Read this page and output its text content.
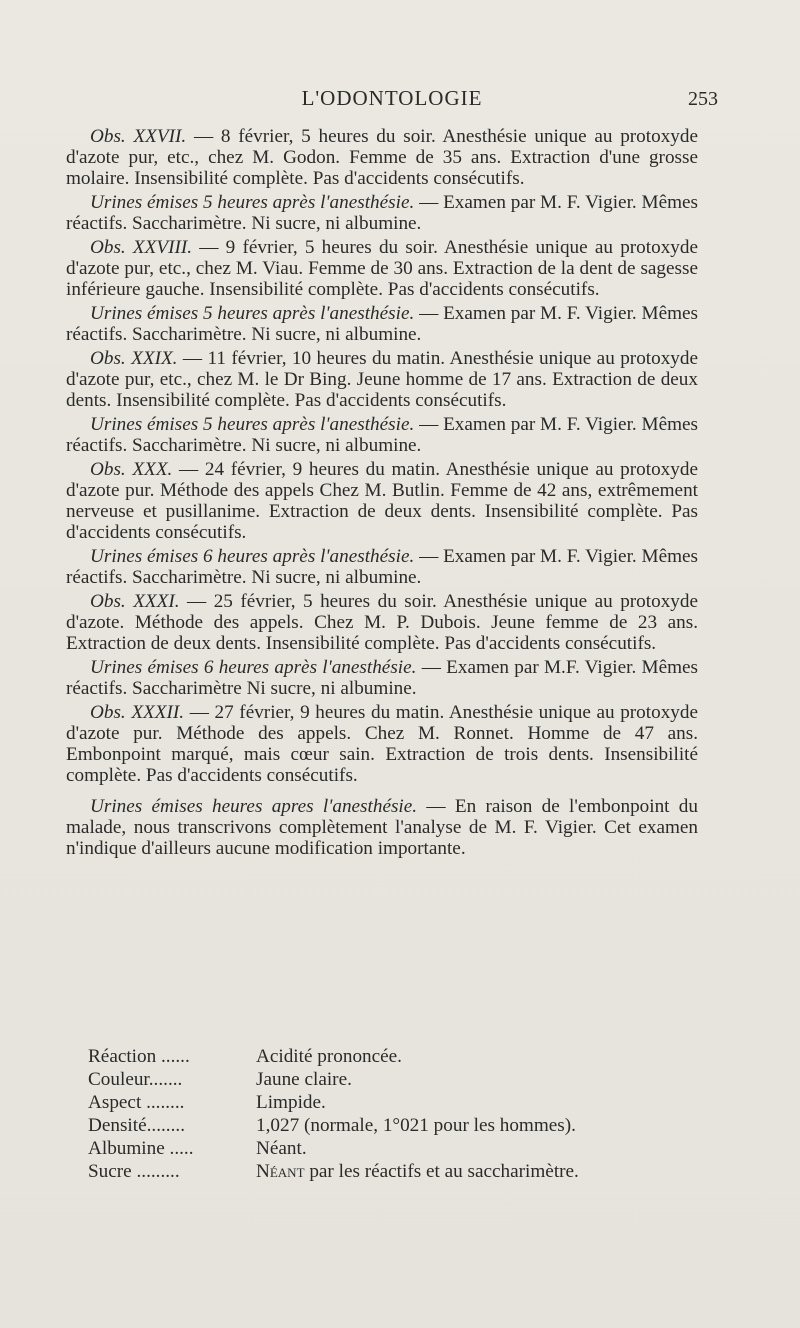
L'ODONTOLOGIE	253

Obs. XXVII. — 8 février, 5 heures du soir. Anesthésie unique au protoxyde d'azote pur, etc., chez M. Godon. Femme de 35 ans. Extraction d'une grosse molaire. Insensibilité complète. Pas d'accidents consécutifs.

Urines émises 5 heures après l'anesthésie. — Examen par M. F. Vigier. Mêmes réactifs. Saccharimètre. Ni sucre, ni albumine.

Obs. XXVIII. — 9 février, 5 heures du soir. Anesthésie unique au protoxyde d'azote pur, etc., chez M. Viau. Femme de 30 ans. Extraction de la dent de sagesse inférieure gauche. Insensibilité complète. Pas d'accidents consécutifs.

Urines émises 5 heures après l'anesthésie. — Examen par M. F. Vigier. Mêmes réactifs. Saccharimètre. Ni sucre, ni albumine.

Obs. XXIX. — 11 février, 10 heures du matin. Anesthésie unique au protoxyde d'azote pur, etc., chez M. le Dr Bing. Jeune homme de 17 ans. Extraction de deux dents. Insensibilité complète. Pas d'accidents consécutifs.

Urines émises 5 heures après l'anesthésie. — Examen par M. F. Vigier. Mêmes réactifs. Saccharimètre. Ni sucre, ni albumine.

Obs. XXX. — 24 février, 9 heures du matin. Anesthésie unique au protoxyde d'azote pur. Méthode des appels Chez M. Butlin. Femme de 42 ans, extrêmement nerveuse et pusillanime. Extraction de deux dents. Insensibilité complète. Pas d'accidents consécutifs.

Urines émises 6 heures après l'anesthésie. — Examen par M. F. Vigier. Mêmes réactifs. Saccharimètre. Ni sucre, ni albumine.

Obs. XXXI. — 25 février, 5 heures du soir. Anesthésie unique au protoxyde d'azote. Méthode des appels. Chez M. P. Dubois. Jeune femme de 23 ans. Extraction de deux dents. Insensibilité complète. Pas d'accidents consécutifs.

Urines émises 6 heures après l'anesthésie. — Examen par M.F. Vigier. Mêmes réactifs. Saccharimètre Ni sucre, ni albumine.

Obs. XXXII. — 27 février, 9 heures du matin. Anesthésie unique au protoxyde d'azote pur. Méthode des appels. Chez M. Ronnet. Homme de 47 ans. Embonpoint marqué, mais cœur sain. Extraction de trois dents. Insensibilité complète. Pas d'accidents consécutifs.

Urines émises heures apres l'anesthésie. — En raison de l'embonpoint du malade, nous transcrivons complètement l'analyse de M. F. Vigier. Cet examen n'indique d'ailleurs aucune modification importante.

Réaction ......	Acidité prononcée.
Couleur.......	Jaune claire.
Aspect ........	Limpide.
Densité........	1,027 (normale, 1°021 pour les hommes).
Albumine .....	Néant.
Sucre .........	Néant par les réactifs et au saccharimètre.
